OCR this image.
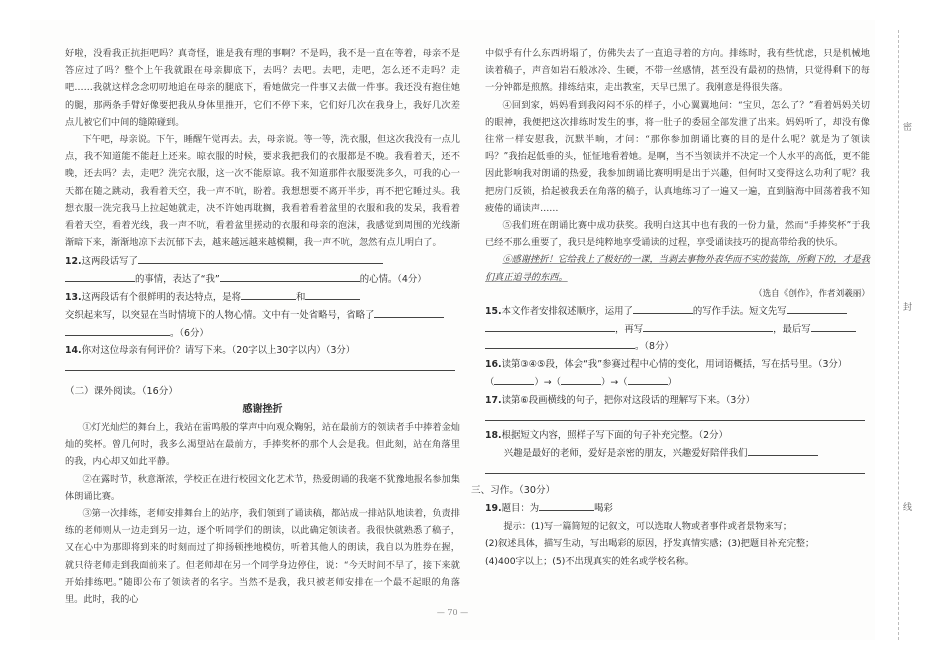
好啦，没看我正抗拒吧吗？真奇怪，谁是我有理的事啊？不是吗，我不是一直在等着，母亲不是答应过了吗？整个上午我就跟在母亲脚底下，去吗？去吧。去吧，走吧，怎么还不走吗？走吧……我就这样念念叨叨地追在母亲的腿底下，看她做完一件事又去做一件事。我还没有抱住她的腿，那两条手臂好像要把我从身体里推开，它们不停下来，它们好几次在我身上，我好几次差点儿被它们中间的缝隙碰到。

下午吧，母亲说。下午，睡醒午觉再去。去，母亲说。等一等，洗衣服，但这次我没有一点儿点，我不知道能不能赶上还来。晾衣服的时候，要求我把我们的衣服都是不晚。我看着天，还不晚，还去吗？去，走吧？洗完衣服，这一次不能原谅。我不知道那件衣服要洗多久，可我的心一天都在随之跳动，我看着天空，我一声不吭，盼着。我想想要不离开半步，再不把它睡过头。我想衣服一洗完我马上拉起她就走，决不许她再耽搁，我看着看着盆里的衣服和我的发呆，我看着看着天空，看着光线，我一声不吭，看着盆里搓动的衣服和母亲的泡沫，我感觉到周围的光线渐渐暗下来，渐渐地凉下去沉郁下去，越来越远越来越模糊，我一声不吭，忽然有点儿明白了。

12.这两段话写了
的事情，表达了“我”	的心情。（4分）
13.这两段话有个很鲜明的表达特点，是将	和
交织起来写，以突显在当时情境下的人物心情。文中有一处省略号，省略了
。（6分）
14.你对这位母亲有何评价？请写下来。（20字以上30字以内）（3分）

（二）课外阅读。（16分）
感谢挫折

①灯光灿烂的舞台上，我站在雷鸣般的掌声中向观众鞠躬，站在最前方的领读者手中捧着金灿灿的奖杯。曾几何时，我多么渴望站在最前方，手捧奖杯的那个人会是我。但此刻，站在角落里的我，内心却又如此平静。

②在露时节，秋意渐浓，学校正在进行校园文化艺术节，热爱朗诵的我毫不犹豫地报名参加集体朗诵比赛。

③第一次排练，老师安排舞台上的站序，我们领到了诵读稿，都站成一排站队地读着，负责排练的老师则从一边走到另一边，逐个听同学们的朗读，以此确定领读者。我很快就熟悉了稿子，又在心中为那即将到来的时刻而过了抑扬顿挫地模仿，听着其他人的朗读，我自以为胜券在握，就只待老师走到我面前来了。但老师却在另一个同学身边停住，说：“今天时间不早了，接下来就开始排练吧。”随即公布了领读者的名字。当然不是我，我只被老师安排在一个最不起眼的角落里。此时，我的心

中似乎有什么东西坍塌了，仿佛失去了一直追寻着的方向。排练时，我有些忧虑，只是机械地读着稿子，声音如岩石般冰冷、生硬，不带一丝感情，甚至没有最初的热情，只觉得剩下的每一分钟都是煎熬。排练结束，走出教室，天早已黑了。我刚意是得很失落。

④回到家，妈妈看到我闷闷不乐的样子，小心翼翼地问：“宝贝，怎么了？”看着妈妈关切的眼神，我便把这次排练时发生的事，将一肚子的委屈全部发泄了出来。妈妈听了，却没有像往常一样安慰我，沉默半晌，才问：“那你参加朗诵比赛的目的是什么呢？就是为了领读吗？”我抬起低垂的头，怔怔地看着她。是啊，当不当领读并不决定一个人水平的高低，更不能因此影响我对朗诵的热爱，我参加朗诵比赛明明是出于兴趣，但何时又变得这么功利了呢？我把房门反锁，拾起被我丢在角落的稿子，认真地练习了一遍又一遍，直到脑海中回荡着我不知疲倦的诵读声……

⑤我们班在朗诵比赛中成功获奖。我明白这其中也有我的一份力量，然而“手捧奖杯”于我已经不那么重要了，我只是纯粹地享受诵读的过程，享受诵读技巧的提高带给我的快乐。

⑥感谢挫折！它给我上了极好的一课，当剥去事物外表华而不实的装饰，所剩下的，才是我们真正追寻的东西。

（选自《创作》，作者刘羲丽）
15.本文作者安排叙述顺序，运用了	的写作手法。短文先写
，再写	，最后写
。（8分）
16.读第③④⑤段，体会“我”参赛过程中心情的变化，用词语概括，写在括号里。（3分）
（	）→（	）→（	）
17.读第⑥段画横线的句子，把你对这段话的理解写下来。（3分）

18.根据短文内容，照样子写下面的句子补充完整。（2分）
兴趣是最好的老师，爱好是亲密的朋友，兴趣爱好陪伴我们

三、习作。（30分）
19.题目：为	喝彩
提示：(1)写一篇简短的记叙文，可以选取人物或者事件或者景物来写；
(2)叙述具体，描写生动，写出喝彩的原因，抒发真情实感；(3)把题目补充完整；
(4)400字以上；(5)不出现真实的姓名或学校名称。
— 70 —
密
封
线
